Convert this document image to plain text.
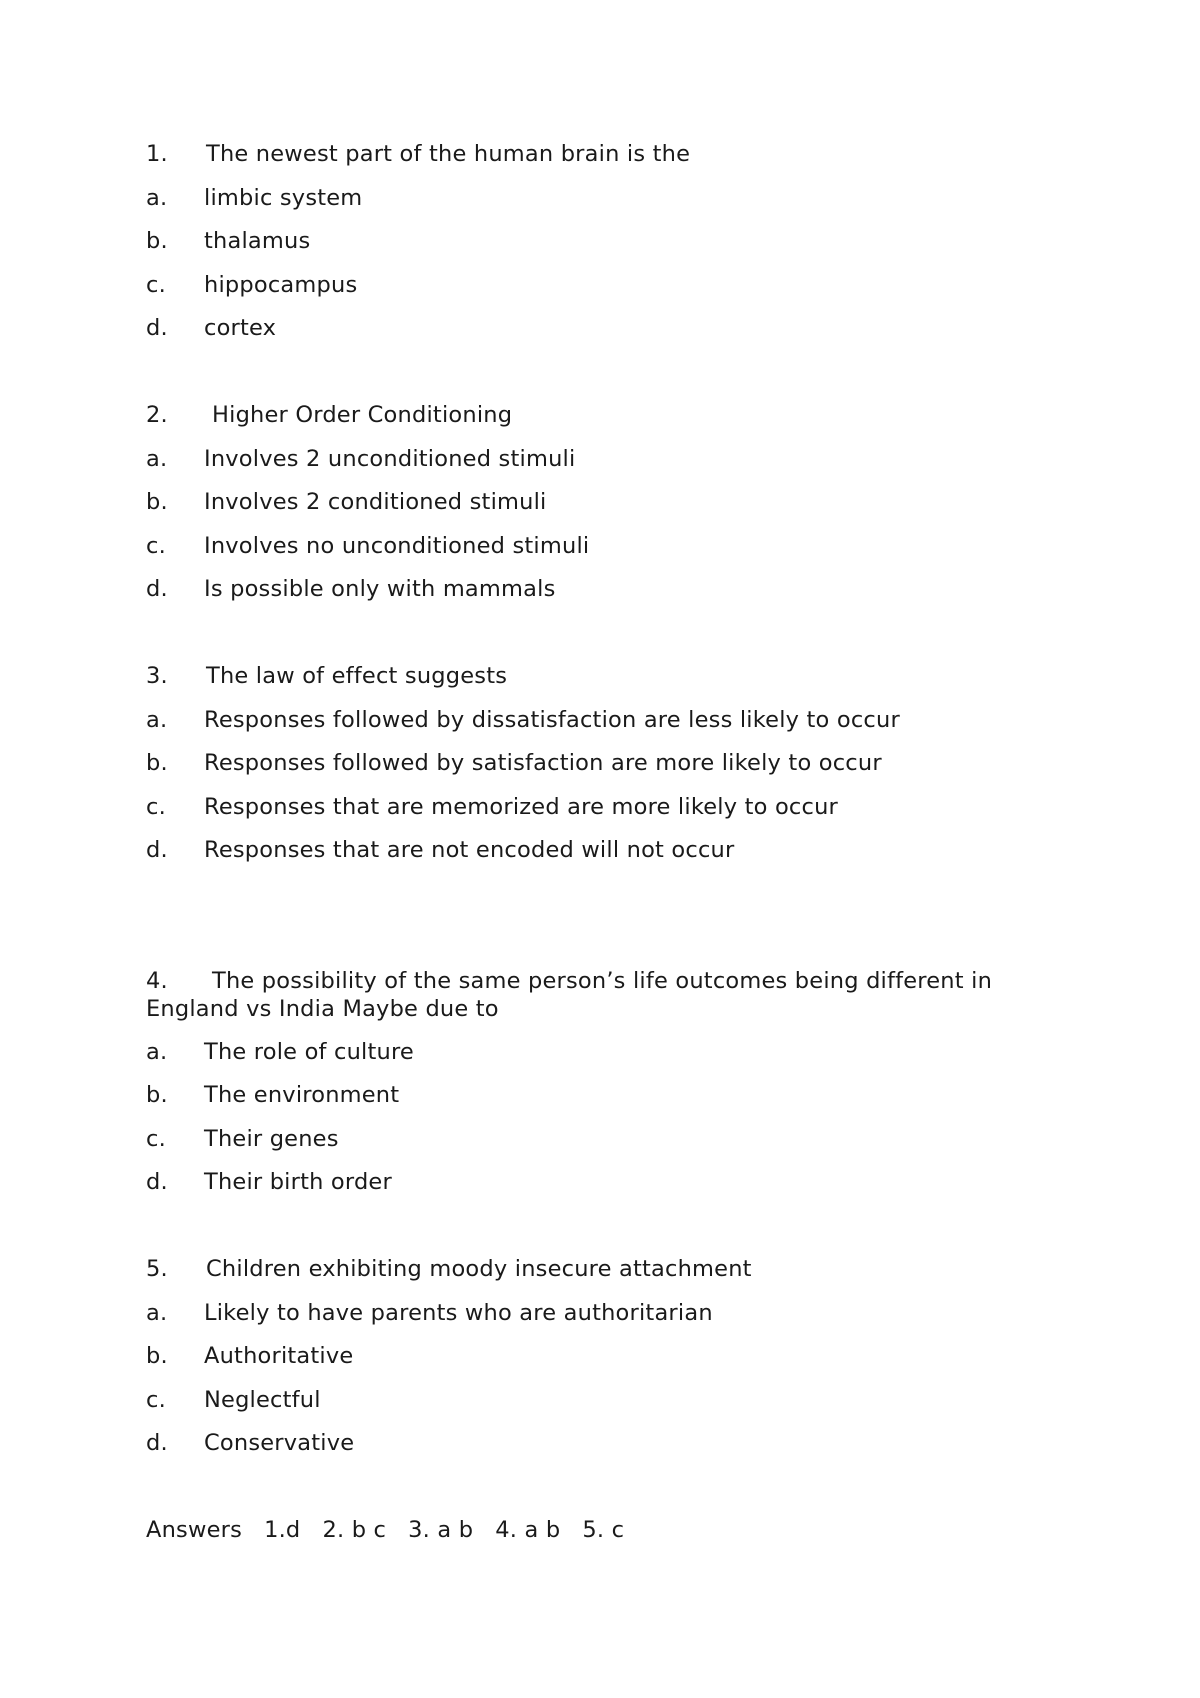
1.	The newest part of the human brain is the
a.	limbic system
b.	thalamus
c.	hippocampus
d.	cortex
2.	Higher Order Conditioning
a.	Involves 2 unconditioned stimuli
b.	Involves 2 conditioned stimuli
c.	Involves no unconditioned stimuli
d.	Is possible only with mammals
3.	The law of effect suggests
a.	Responses followed by dissatisfaction are less likely to occur
b.	Responses followed by satisfaction are more likely to occur
c.	Responses that are memorized are more likely to occur
d.	Responses that are not encoded will not occur
4. The possibility of the same person’s life outcomes being different in England vs India Maybe due to
a.	The role of culture
b.	The environment
c.	Their genes
d.	Their birth order
5.	Children exhibiting moody insecure attachment
a.	Likely to have parents who are authoritarian
b.	Authoritative
c.	Neglectful
d.	Conservative
Answers
1.d
2. b c
3. a b
4. a b
5. c
